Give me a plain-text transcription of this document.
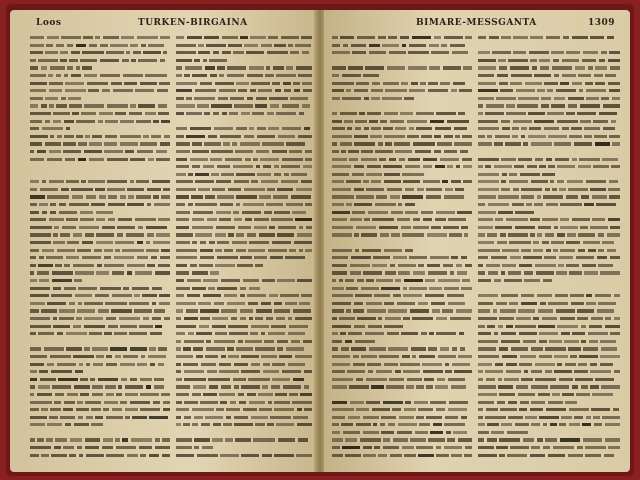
Loos	TURKEN-BIRGAINA	BIMARE-MESSGANTA	1309
